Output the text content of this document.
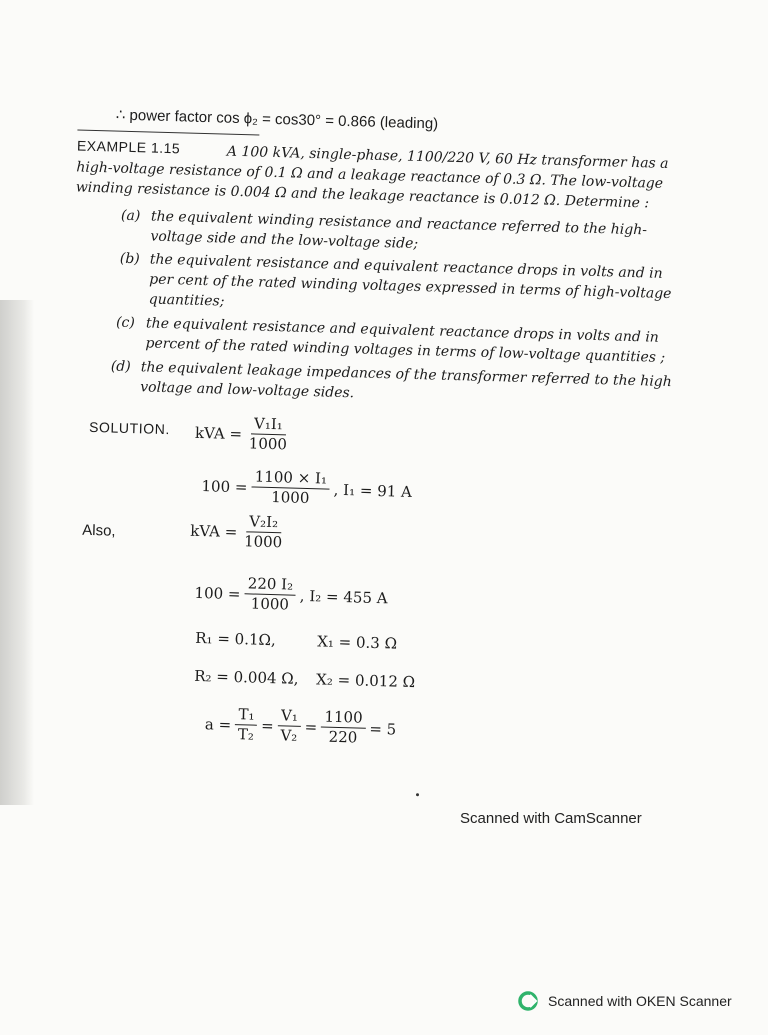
∴ power factor cos ϕ₂ = cos30° = 0.866 (leading)
A 100 kVA, single-phase, 1100/220 V, 60 Hz transformer has a high-voltage resistance of 0.1 Ω and a leakage reactance of 0.3 Ω. The low-voltage winding resistance is 0.004 Ω and the leakage reactance is 0.012 Ω. Determine :
EXAMPLE 1.15
(a) the equivalent winding resistance and reactance referred to the high-voltage side and the low-voltage side;
(b) the equivalent resistance and equivalent reactance drops in volts and in per cent of the rated winding voltages expressed in terms of high-voltage quantities;
(c) the equivalent resistance and equivalent reactance drops in volts and in percent of the rated winding voltages in terms of low-voltage quantities ;
(d) the equivalent leakage impedances of the transformer referred to the high voltage and low-voltage sides.
SOLUTION. kVA = $\frac{\text{V₁I₁}}{1000}$
$100 = \frac{\text{1100 × I₁}}{1000}$ , I₁ = 91 A
Also,	kVA = $\frac{\text{V₂I₂}}{1000}$
$100 = \frac{\text{220 I₂}}{1000}$ , I₂ = 455 A
R₁ = 0.1Ω,	X₁ = 0.3 Ω
R₂ = 0.004 Ω,	X₂ = 0.012 Ω
$a = \frac{\text{T₁}}{\text{T₂}} = \frac{\text{V₁}}{\text{V₂}} = \frac{1100}{220} = 5$
Scanned with CamScanner
Scanned with OKEN Scanner
